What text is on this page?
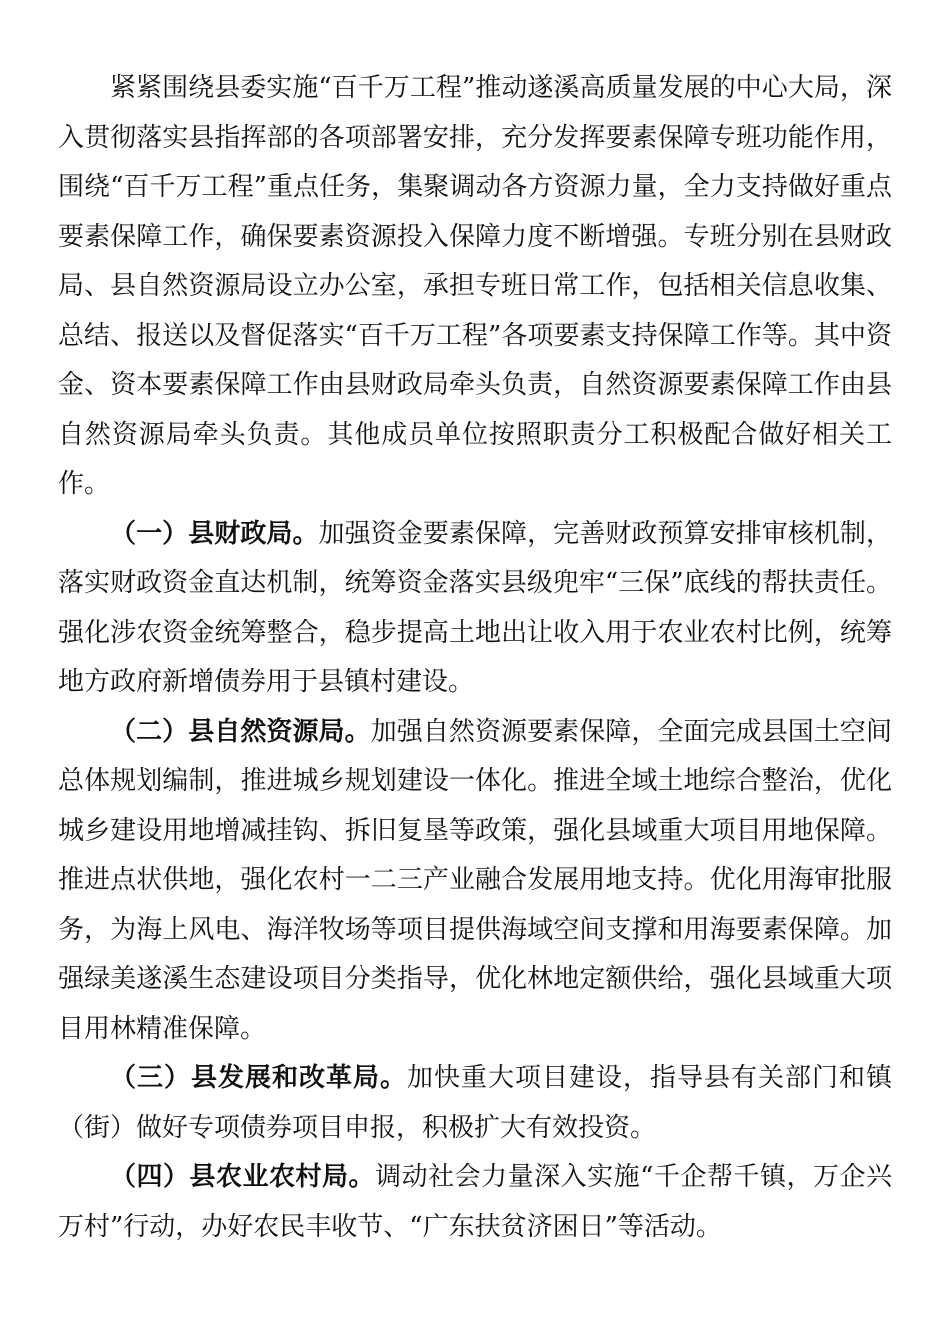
紧紧围绕县委实施“百千万工程”推动遂溪高质量发展的中心大局，深入贯彻落实县指挥部的各项部署安排，充分发挥要素保障专班功能作用，围绕“百千万工程”重点任务，集聚调动各方资源力量，全力支持做好重点要素保障工作，确保要素资源投入保障力度不断增强。专班分别在县财政局、县自然资源局设立办公室，承担专班日常工作，包括相关信息收集、总结、报送以及督促落实“百千万工程”各项要素支持保障工作等。其中资金、资本要素保障工作由县财政局牵头负责，自然资源要素保障工作由县自然资源局牵头负责。其他成员单位按照职责分工积极配合做好相关工作。

（一）县财政局。加强资金要素保障，完善财政预算安排审核机制，落实财政资金直达机制，统筹资金落实县级兜牢“三保”底线的帮扶责任。强化涉农资金统筹整合，稳步提高土地出让收入用于农业农村比例，统筹地方政府新增债券用于县镇村建设。

（二）县自然资源局。加强自然资源要素保障，全面完成县国土空间总体规划编制，推进城乡规划建设一体化。推进全域土地综合整治，优化城乡建设用地增减挂钩、拆旧复垦等政策，强化县域重大项目用地保障。推进点状供地，强化农村一二三产业融合发展用地支持。优化用海审批服务，为海上风电、海洋牧场等项目提供海域空间支撑和用海要素保障。加强绿美遂溪生态建设项目分类指导，优化林地定额供给，强化县域重大项目用林精准保障。

（三）县发展和改革局。加快重大项目建设，指导县有关部门和镇（街）做好专项债券项目申报，积极扩大有效投资。

（四）县农业农村局。调动社会力量深入实施“千企帮千镇，万企兴万村”行动，办好农民丰收节、“广东扶贫济困日”等活动。
